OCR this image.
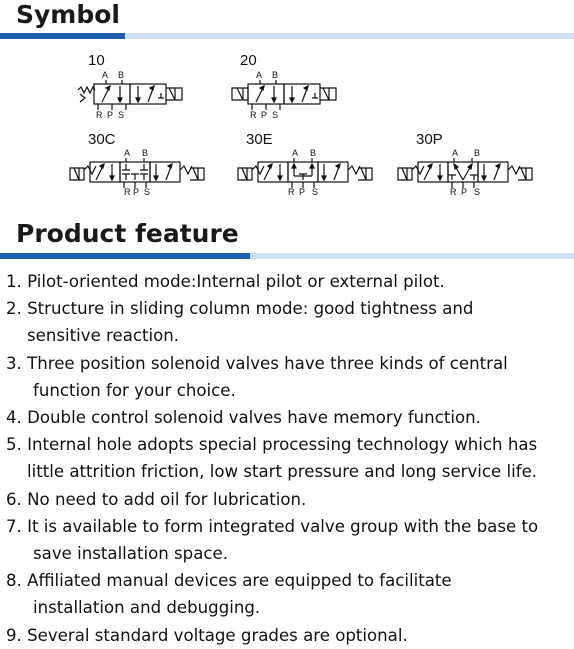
Symbol
10
A B
R P S
20
A B
R P S
30C
A B
R P S
30E
A B
R P S
30P
A B
R P S
Product feature
1. Pilot-oriented mode:Internal pilot or external pilot.
2. Structure in sliding column mode: good tightness and
sensitive reaction.
3. Three position solenoid valves have three kinds of central
function for your choice.
4. Double control solenoid valves have memory function.
5. Internal hole adopts special processing technology which has
little attrition friction, low start pressure and long service life.
6. No need to add oil for lubrication.
7. It is available to form integrated valve group with the base to
save installation space.
8. Affiliated manual devices are equipped to facilitate
installation and debugging.
9. Several standard voltage grades are optional.
